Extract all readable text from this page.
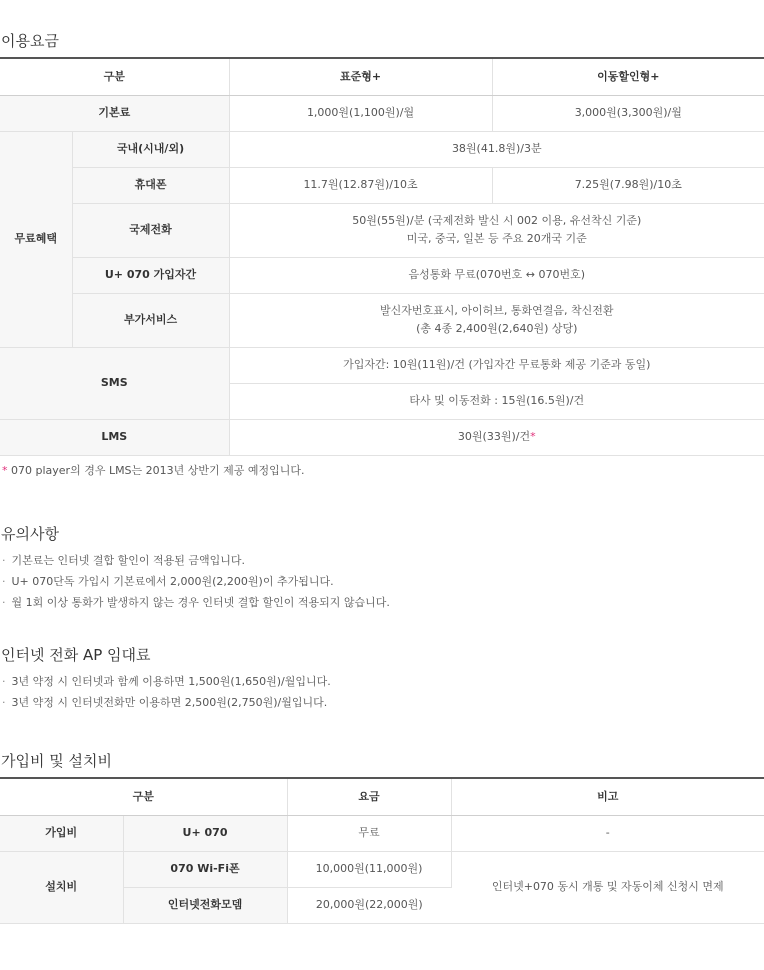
이용요금
구분		표준형+	이동할인형+
기본료		1,000원(1,100원)/월	3,000원(3,300원)/월
무료혜택	국내(시내/외)	38원(41.8원)/3분	
	휴대폰	11.7원(12.87원)/10초	7.25원(7.98원)/10초
	국제전화	50원(55원)/분 (국제전화 발신 시 002 이용, 유선착신 기준)
미국, 중국, 일본 등 주요 20개국 기준	

	U+ 070 가입자간	음성통화 무료(070번호 ↔ 070번호)	
	부가서비스	발신자번호표시, 아이허브, 통화연결음, 착신전환
(총 4종 2,400원(2,640원) 상당)	

SMS		가입자간: 10원(11원)/건 (가입자간 무료통화 제공 기준과 동일)	
		타사 및 이동전화 : 15원(16.5원)/건	
LMS		30원(33원)/건*	
* 070 player의 경우 LMS는 2013년 상반기 제공 예정입니다.
유의사항
· 기본료는 인터넷 결합 할인이 적용된 금액입니다.
· U+ 070단독 가입시 기본료에서 2,000원(2,200원)이 추가됩니다.
· 월 1회 이상 통화가 발생하지 않는 경우 인터넷 결합 할인이 적용되지 않습니다.
인터넷 전화 AP 임대료
· 3년 약정 시 인터넷과 함께 이용하면 1,500원(1,650원)/월입니다.
· 3년 약정 시 인터넷전화만 이용하면 2,500원(2,750원)/월입니다.
가입비 및 설치비
구분		요금	비고
가입비	U+ 070	무료	-
설치비	070 Wi-Fi폰	10,000원(11,000원)	인터넷+070 동시 개통 및 자동이체 신청시 면제
	인터넷전화모뎀	20,000원(22,000원)	
